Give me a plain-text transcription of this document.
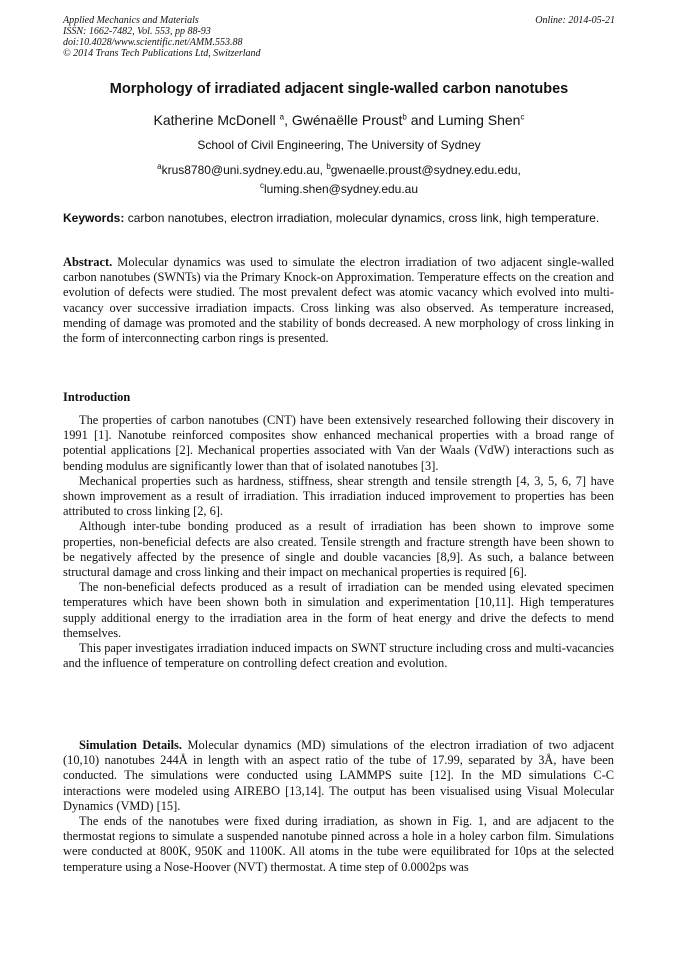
Applied Mechanics and Materials
ISSN: 1662-7482, Vol. 553, pp 88-93
doi:10.4028/www.scientific.net/AMM.553.88
© 2014 Trans Tech Publications Ltd, Switzerland
Online: 2014-05-21
Morphology of irradiated adjacent single-walled carbon nanotubes
Katherine McDonell $^a$, Gwénaëlle Proust$^b$ and Luming Shen$^c$
School of Civil Engineering, The University of Sydney
$^a$krus8780@uni.sydney.edu.au, $^b$gwenaelle.proust@sydney.edu.edu,
$^c$luming.shen@sydney.edu.au
Keywords: carbon nanotubes, electron irradiation, molecular dynamics, cross link, high temperature.

Abstract. Molecular dynamics was used to simulate the electron irradiation of two adjacent single-walled carbon nanotubes (SWNTs) via the Primary Knock-on Approximation. Temperature effects on the creation and evolution of defects were studied. The most prevalent defect was atomic vacancy which evolved into multi-vacancy over successive irradiation impacts. Cross linking was also observed. As temperature increased, mending of damage was promoted and the stability of bonds decreased. A new morphology of cross linking in the form of interconnecting carbon rings is presented.

Introduction

The properties of carbon nanotubes (CNT) have been extensively researched following their discovery in 1991 [1]. Nanotube reinforced composites show enhanced mechanical properties with a broad range of potential applications [2]. Mechanical properties associated with Van der Waals (VdW) interactions such as bending modulus are significantly lower than that of isolated nanotubes [3].

Mechanical properties such as hardness, stiffness, shear strength and tensile strength [4, 3, 5, 6, 7] have shown improvement as a result of irradiation. This irradiation induced improvement to properties has been attributed to cross linking [2, 6].

Although inter-tube bonding produced as a result of irradiation has been shown to improve some properties, non-beneficial defects are also created. Tensile strength and fracture strength have been shown to be negatively affected by the presence of single and double vacancies [8,9]. As such, a balance between structural damage and cross linking and their impact on mechanical properties is required [6].

The non-beneficial defects produced as a result of irradiation can be mended using elevated specimen temperatures which have been shown both in simulation and experimentation [10,11]. High temperatures supply additional energy to the irradiation area in the form of heat energy and drive the defects to mend themselves.

This paper investigates irradiation induced impacts on SWNT structure including cross and multi-vacancies and the influence of temperature on controlling defect creation and evolution.

Simulation Details. Molecular dynamics (MD) simulations of the electron irradiation of two adjacent (10,10) nanotubes 244Å in length with an aspect ratio of the tube of 17.99, separated by 3Å, have been conducted. The simulations were conducted using LAMMPS suite [12]. In the MD simulations C-C interactions were modeled using AIREBO [13,14]. The output has been visualised using Visual Molecular Dynamics (VMD) [15].

The ends of the nanotubes were fixed during irradiation, as shown in Fig. 1, and are adjacent to the thermostat regions to simulate a suspended nanotube pinned across a hole in a holey carbon film. Simulations were conducted at 800K, 950K and 1100K. All atoms in the tube were equilibrated for 10ps at the selected temperature using a Nose-Hoover (NVT) thermostat. A time step of 0.0002ps was
